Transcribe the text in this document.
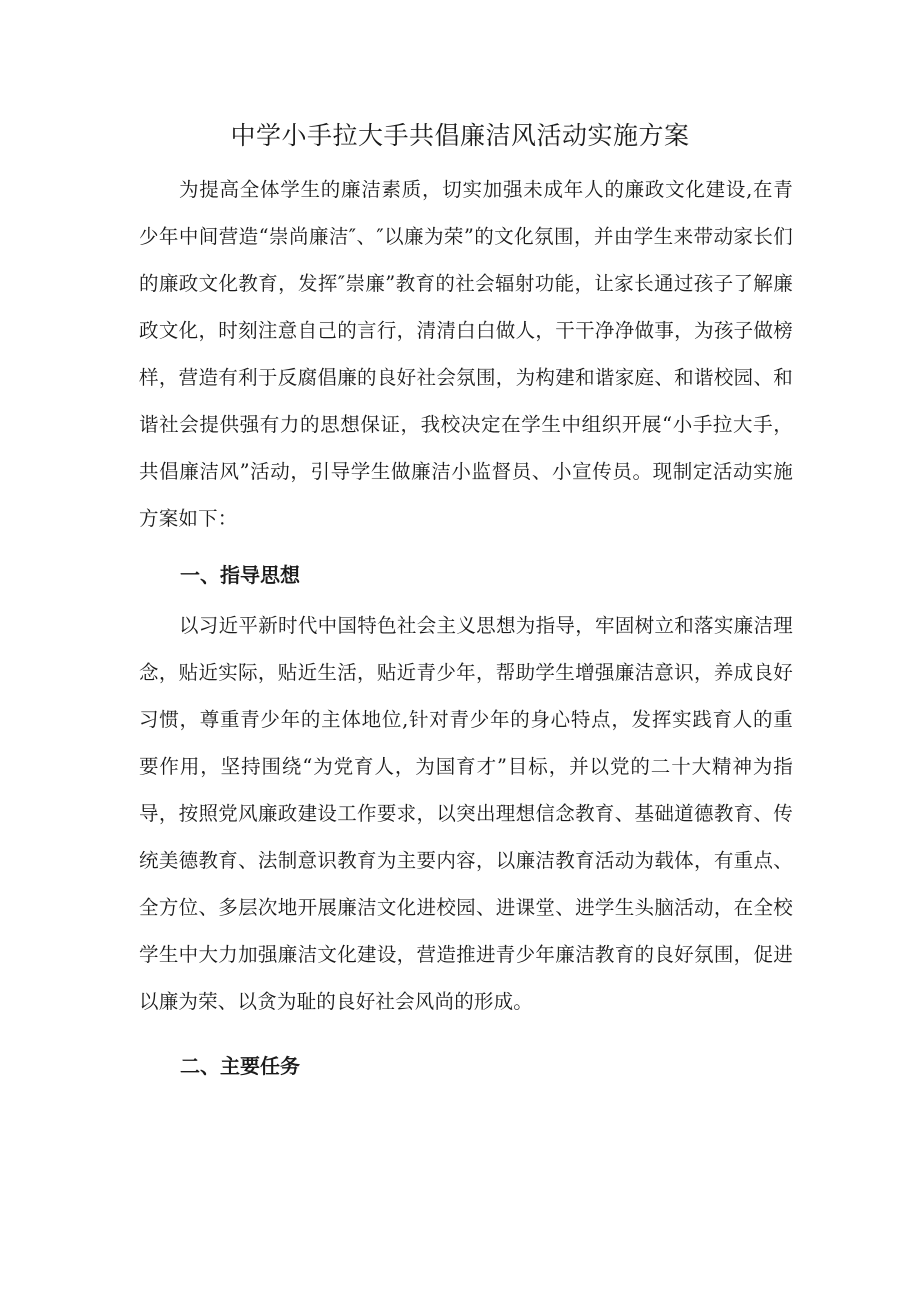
中学小手拉大手共倡廉洁风活动实施方案

为提高全体学生的廉洁素质，切实加强未成年人的廉政文化建设,在青少年中间营造“崇尚廉洁″、″以廉为荣”的文化氛围，并由学生来带动家长们的廉政文化教育，发挥″崇廉”教育的社会辐射功能，让家长通过孩子了解廉政文化，时刻注意自己的言行，清清白白做人，干干净净做事，为孩子做榜样，营造有利于反腐倡廉的良好社会氛围，为构建和谐家庭、和谐校园、和谐社会提供强有力的思想保证，我校决定在学生中组织开展“小手拉大手，共倡廉洁风”活动，引导学生做廉洁小监督员、小宣传员。现制定活动实施方案如下：

一、指导思想

以习近平新时代中国特色社会主义思想为指导，牢固树立和落实廉洁理念，贴近实际，贴近生活，贴近青少年，帮助学生增强廉洁意识，养成良好习惯，尊重青少年的主体地位,针对青少年的身心特点，发挥实践育人的重要作用，坚持围绕“为党育人，为国育才”目标，并以党的二十大精神为指导，按照党风廉政建设工作要求，以突出理想信念教育、基础道德教育、传统美德教育、法制意识教育为主要内容，以廉洁教育活动为载体，有重点、全方位、多层次地开展廉洁文化进校园、进课堂、进学生头脑活动，在全校学生中大力加强廉洁文化建设，营造推进青少年廉洁教育的良好氛围，促进以廉为荣、以贪为耻的良好社会风尚的形成。

二、主要任务
